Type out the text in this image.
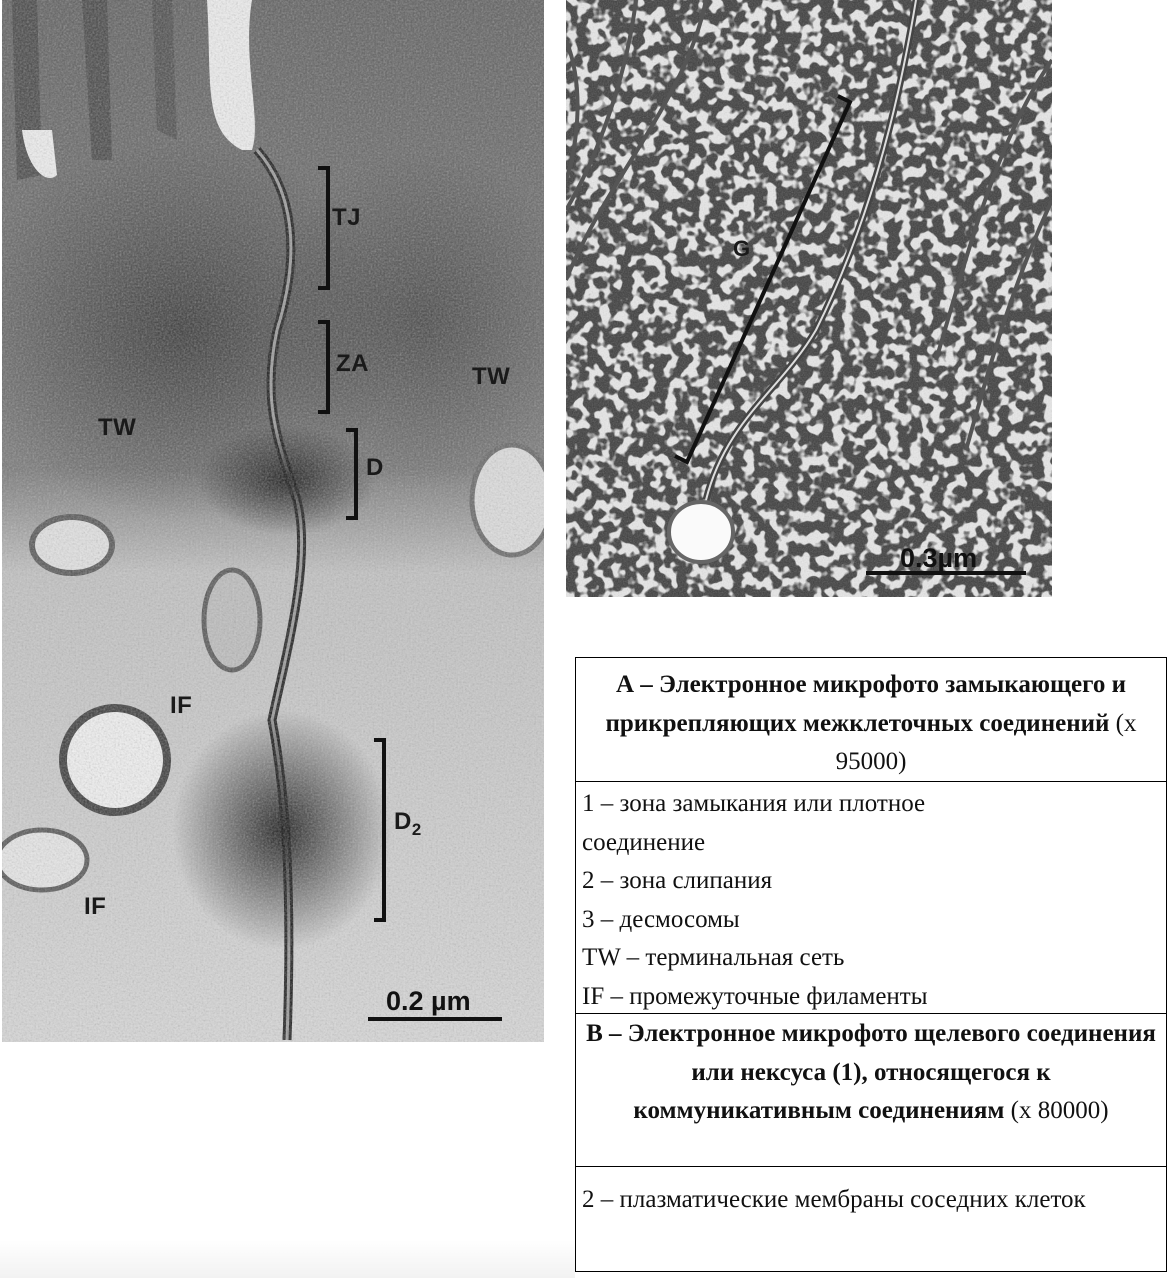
TJ
ZA
D
TW
TW
IF
IF
$D_2$
0.2 µm
G
0.3µm
А – Электронное микрофото замыкающего и прикрепляющих межклеточных соединений (х 95000)
1 – зона замыкания или плотное соединение
2 – зона слипания
3 – десмосомы
TW – терминальная сеть
IF – промежуточные филаменты
В – Электронное микрофото щелевого соединения или нексуса (1), относящегося к коммуникативным соединениям (х 80000)
2 – плазматические мембраны соседних клеток
